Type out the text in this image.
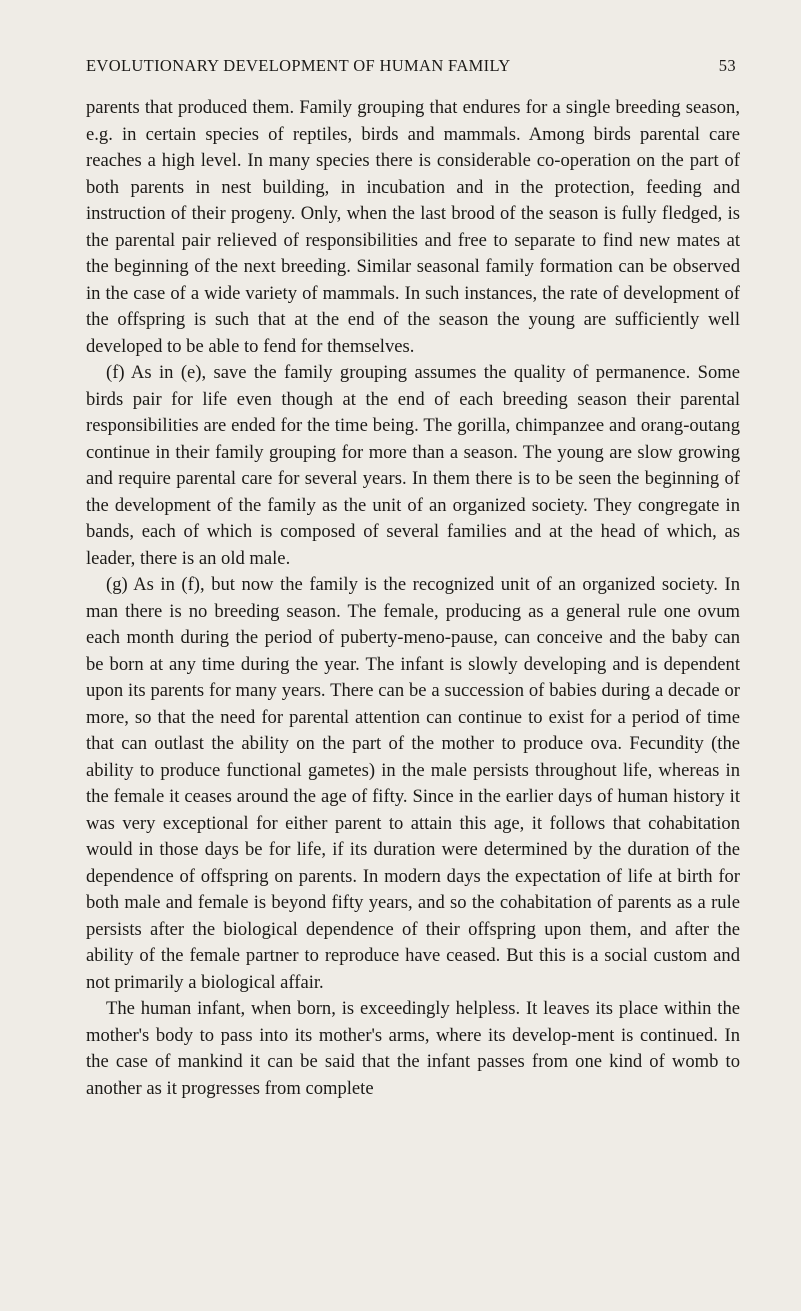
EVOLUTIONARY DEVELOPMENT OF HUMAN FAMILY	53

parents that produced them. Family grouping that endures for a single breeding season, e.g. in certain species of reptiles, birds and mammals. Among birds parental care reaches a high level. In many species there is considerable co-operation on the part of both parents in nest building, in incubation and in the protection, feeding and instruction of their progeny. Only, when the last brood of the season is fully fledged, is the parental pair relieved of responsibilities and free to separate to find new mates at the beginning of the next breeding. Similar seasonal family formation can be observed in the case of a wide variety of mammals. In such instances, the rate of development of the offspring is such that at the end of the season the young are sufficiently well developed to be able to fend for themselves.

(f) As in (e), save the family grouping assumes the quality of permanence. Some birds pair for life even though at the end of each breeding season their parental responsibilities are ended for the time being. The gorilla, chimpanzee and orang-outang continue in their family grouping for more than a season. The young are slow growing and require parental care for several years. In them there is to be seen the beginning of the development of the family as the unit of an organized society. They congregate in bands, each of which is composed of several families and at the head of which, as leader, there is an old male.

(g) As in (f), but now the family is the recognized unit of an organized society. In man there is no breeding season. The female, producing as a general rule one ovum each month during the period of puberty-meno-pause, can conceive and the baby can be born at any time during the year. The infant is slowly developing and is dependent upon its parents for many years. There can be a succession of babies during a decade or more, so that the need for parental attention can continue to exist for a period of time that can outlast the ability on the part of the mother to produce ova. Fecundity (the ability to produce functional gametes) in the male persists throughout life, whereas in the female it ceases around the age of fifty. Since in the earlier days of human history it was very exceptional for either parent to attain this age, it follows that cohabitation would in those days be for life, if its duration were determined by the duration of the dependence of offspring on parents. In modern days the expectation of life at birth for both male and female is beyond fifty years, and so the cohabitation of parents as a rule persists after the biological dependence of their offspring upon them, and after the ability of the female partner to reproduce have ceased. But this is a social custom and not primarily a biological affair.

The human infant, when born, is exceedingly helpless. It leaves its place within the mother's body to pass into its mother's arms, where its develop-ment is continued. In the case of mankind it can be said that the infant passes from one kind of womb to another as it progresses from complete
